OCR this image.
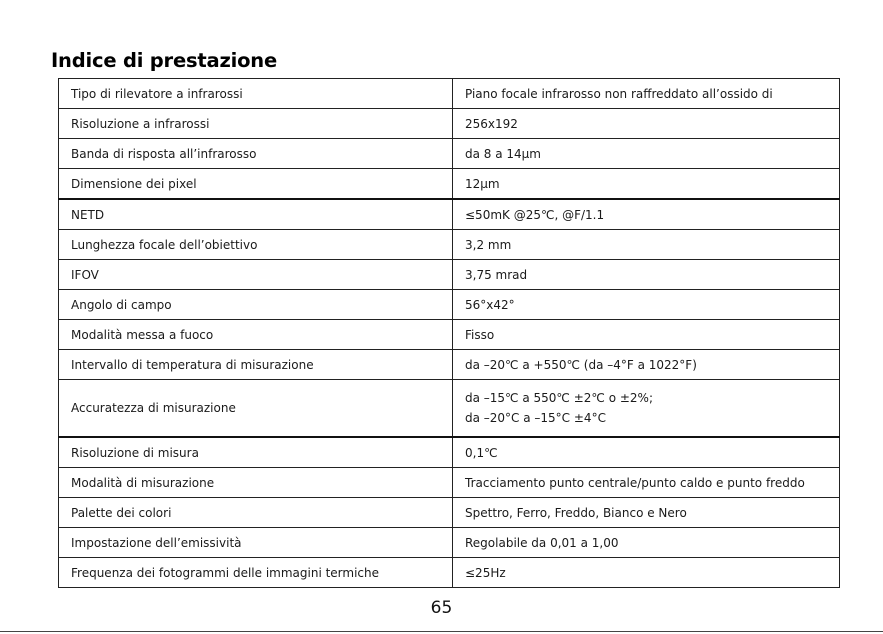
Indice di prestazione
Tipo di rilevatore a infrarossi	Piano focale infrarosso non raffreddato all’ossido di
Risoluzione a infrarossi	256x192
Banda di risposta all’infrarosso	da 8 a 14μm
Dimensione dei pixel	12μm
NETD	≤50mK @25℃, @F/1.1
Lunghezza focale dell’obiettivo	3,2 mm
IFOV	3,75 mrad
Angolo di campo	56°x42°
Modalità messa a fuoco	Fisso
Intervallo di temperatura di misurazione	da –20℃ a +550℃ (da –4°F a 1022°F)
Accuratezza di misurazione	da –15℃ a 550℃ ±2℃ o ±2%;
da –20°C a –15°C ±4°C

Risoluzione di misura	0,1℃
Modalità di misurazione	Tracciamento punto centrale/punto caldo e punto freddo
Palette dei colori	Spettro, Ferro, Freddo, Bianco e Nero
Impostazione dell’emissività	Regolabile da 0,01 a 1,00
Frequenza dei fotogrammi delle immagini termiche	≤25Hz
65
